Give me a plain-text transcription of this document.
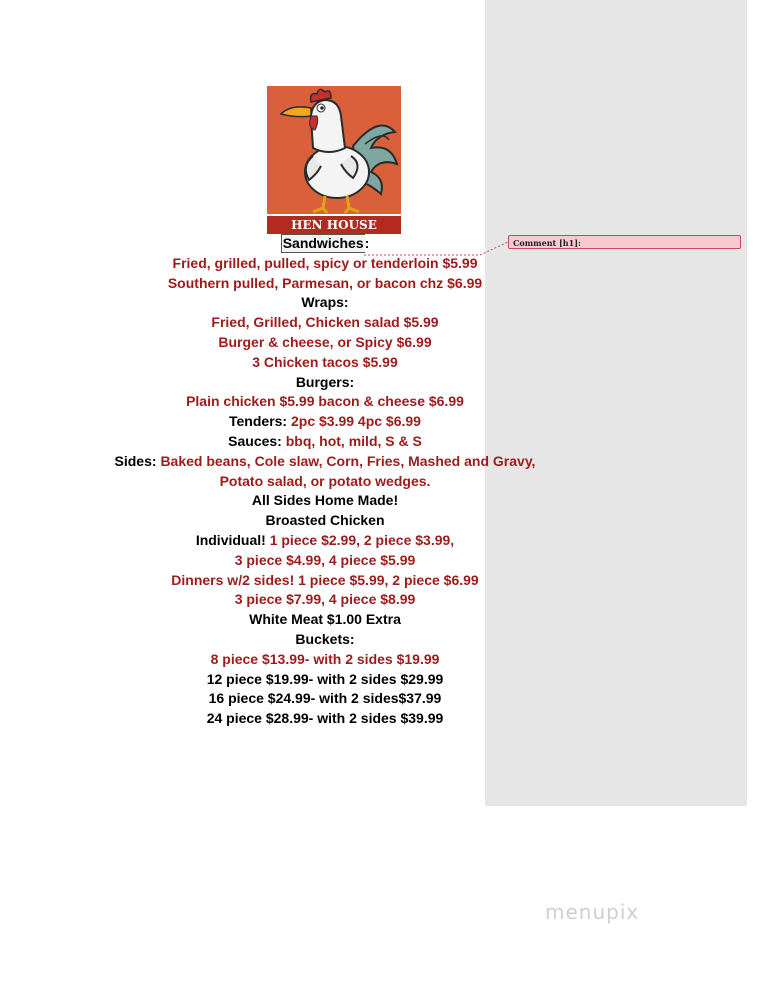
HEN HOUSE
Comment [h1]:
Sandwiches:
Fried, grilled, pulled, spicy or tenderloin $5.99
Southern pulled, Parmesan, or bacon chz $6.99
Wraps:
Fried, Grilled, Chicken salad $5.99
Burger & cheese, or Spicy $6.99
3 Chicken tacos $5.99
Burgers:
Plain chicken $5.99 bacon & cheese $6.99
Tenders: 2pc $3.99 4pc $6.99
Sauces: bbq, hot, mild, S & S
Sides: Baked beans, Cole slaw, Corn, Fries, Mashed and Gravy,
Potato salad, or potato wedges.
All Sides Home Made!
Broasted Chicken
Individual! 1 piece $2.99, 2 piece $3.99,
3 piece $4.99, 4 piece $5.99
Dinners w/2 sides! 1 piece $5.99, 2 piece $6.99
3 piece $7.99, 4 piece $8.99
White Meat $1.00 Extra
Buckets:
8 piece $13.99- with 2 sides $19.99
12 piece $19.99- with 2 sides $29.99
16 piece $24.99- with 2 sides$37.99
24 piece $28.99- with 2 sides $39.99
menupix
